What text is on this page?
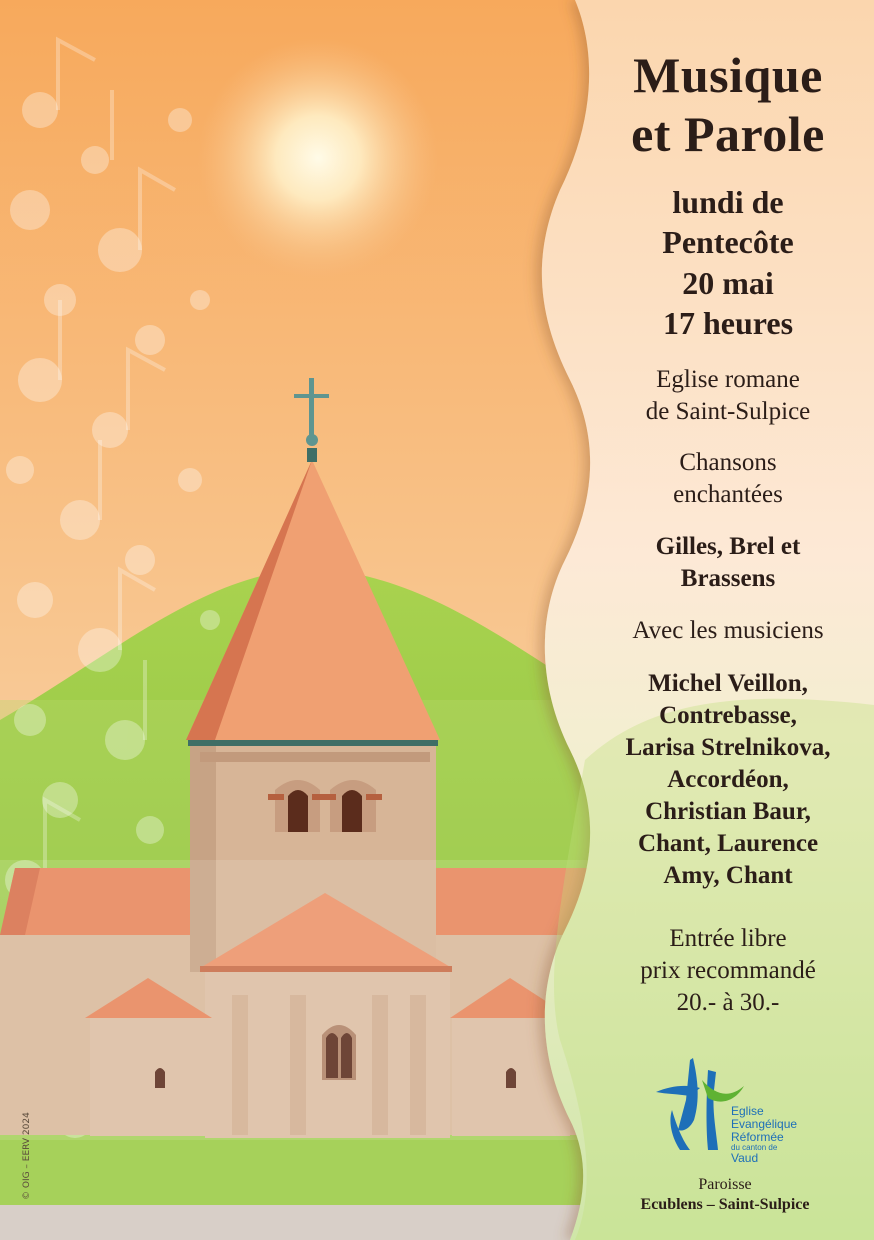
Musique
et Parole
lundi de
Pentecôte
20 mai
17 heures
Eglise romane
de Saint-Sulpice
Chansons
enchantées
Gilles, Brel et
Brassens
Avec les musiciens
Michel Veillon,
Contrebasse,
Larisa Strelnikova,
Accordéon,
Christian Baur,
Chant, Laurence
Amy, Chant
Entrée libre
prix recommandé
20.- à 30.-
Eglise
Evangélique
Réformée
du canton de
Vaud
Paroisse
Ecublens – Saint-Sulpice
© OIG – EERV 2024
